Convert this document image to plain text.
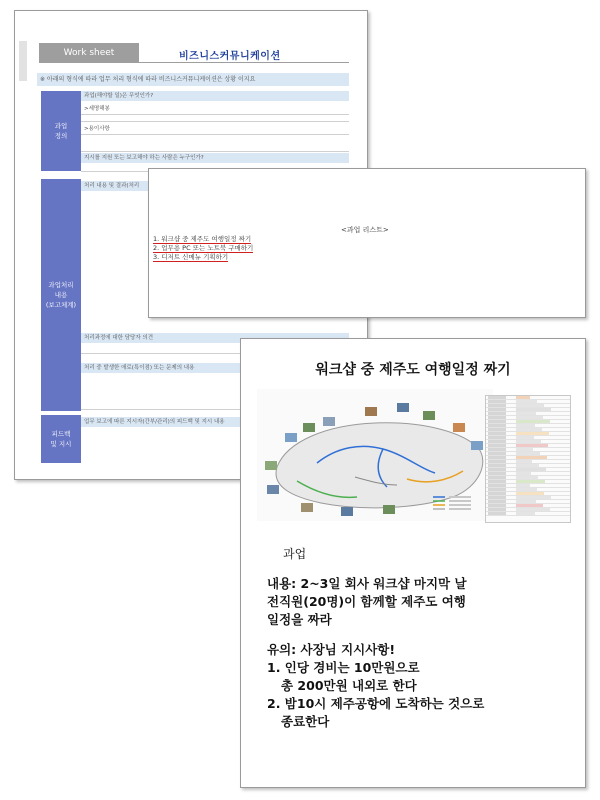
Work sheet	비즈니스커뮤니케이션
※ 아래의 형식에 따라 업무 처리 형식에 따라 비즈니스커뮤니케이션은 상황 이지요
과업
정의
과업(해야할 일)은 무엇인가?
>세명해봉
>용이사항
지시를 지원 또는 보고해야 하는 사람은 누구인가?
과업처리
내용
(보고체계)
처리 내용 및 결과(처리
처리과정에 대한 담당자 의견
처리 중 발생한 애로(특이점) 또는 문제의 내용
피드백
및 지시
업무 보고에 따른 지시자(간부/관리)의 피드백 및 지시 내용
<과업 리스트>
1. 워크샵 중 제주도 여행일정 짜기
2. 업무용 PC 또는 노트북 구매하기
3. 디저트 신메뉴 기획하기
워크샵 중 제주도 여행일정 짜기
과업
내용: 2~3일 회사 워크샵 마지막 날
전직원(20명)이 함께할 제주도 여행
일정을 짜라
유의: 사장님 지시사항!
1. 인당 경비는 10만원으로
총 200만원 내외로 한다
2. 밤10시 제주공항에 도착하는 것으로
종료한다
